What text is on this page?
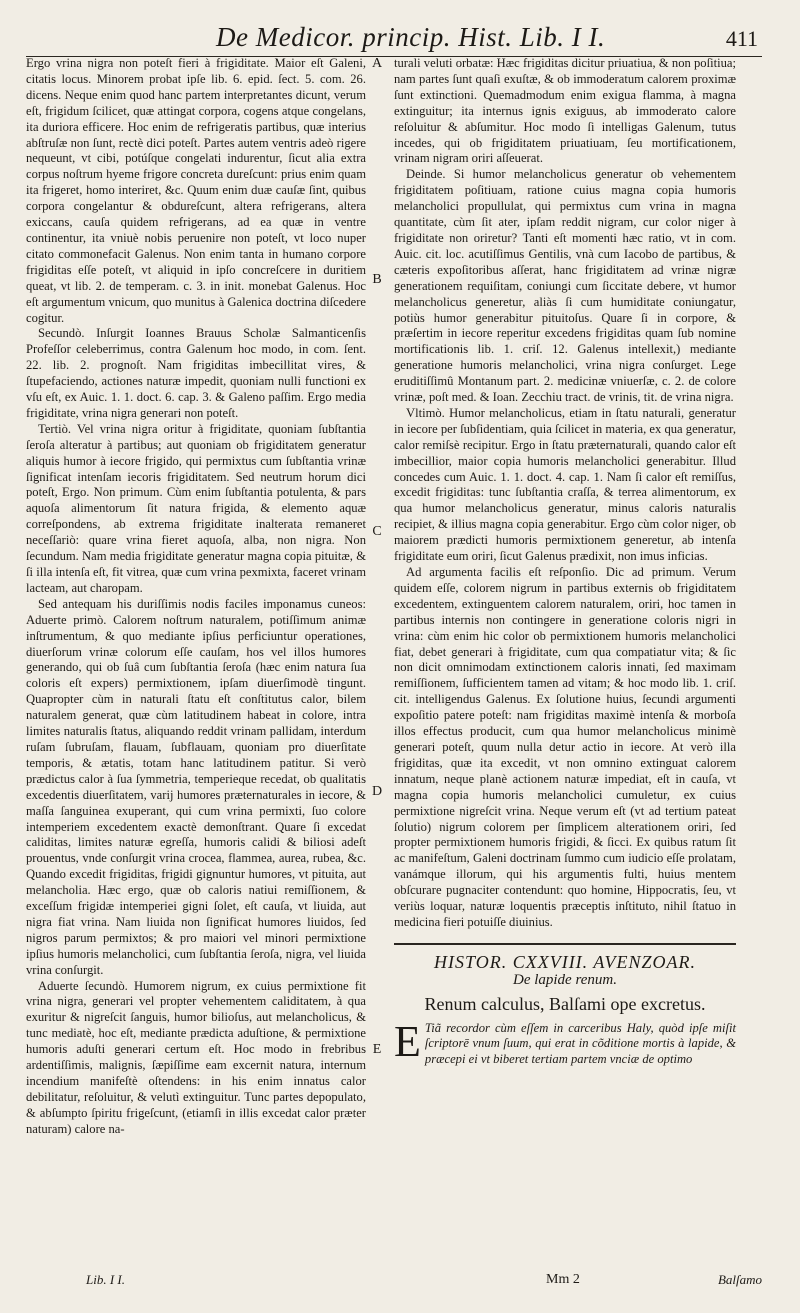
De Medicor. princip. Hist. Lib. I I.	411

Ergo vrina nigra non poteſt fieri à frigiditate. Maior eſt Galeni, citatis locus. Minorem probat ipſe lib. 6. epid. ſect. 5. com. 26. dicens. Neque enim quod hanc partem interpretantes dicunt, verum eſt, frigidum ſcilicet, quæ attingat corpora, cogens atque congelans, ita duriora efficere. Hoc enim de refrigeratis partibus, quæ interius abſtruſæ non ſunt, rectè dici poteſt. Partes autem ventris adeò rigere nequeunt, vt cibi, potúſque congelati indurentur, ſicut alia extra corpus noſtrum hyeme frigore concreta dureſcunt: prius enim quam ita frigeret, homo interiret, &c. Quum enim duæ cauſæ ſint, quibus corpora congelantur & obdureſcunt, altera refrigerans, altera exiccans, cauſa quidem refrigerans, ad ea quæ in ventre continentur, ita vniuè nobis peruenire non poteſt, vt loco nuper citato commonefacit Galenus. Non enim tanta in humano corpore frigiditas eſſe poteſt, vt aliquid in ipſo concreſcere in duritiem queat, vt lib. 2. de temperam. c. 3. in init. monebat Galenus. Hoc eſt argumentum vnicum, quo munitus à Galenica doctrina diſcedere cogitur.

Secundò. Inſurgit Ioannes Brauus Scholæ Salmanticenſis Profeſſor celeberrimus, contra Galenum hoc modo, in com. ſent. 22. lib. 2. prognoſt. Nam frigiditas imbecillitat vires, & ſtupefaciendo, actiones naturæ impedit, quoniam nulli functioni ex vſu eſt, ex Auic. 1. 1. doct. 6. cap. 3. & Galeno paſſim. Ergo media frigiditate, vrina nigra generari non poteſt.

Tertiò. Vel vrina nigra oritur à frigiditate, quoniam ſubſtantia ſeroſa alteratur à partibus; aut quoniam ob frigiditatem generatur aliquis humor à iecore frigido, qui permixtus cum ſubſtantia vrinæ ſignificat intenſam iecoris frigiditatem. Sed neutrum horum dici poteſt, Ergo. Non primum. Cùm enim ſubſtantia potulenta, & pars aquoſa alimentorum ſit natura frigida, & elemento aquæ correſpondens, ab extrema frigiditate inalterata remaneret neceſſariò: quare vrina fieret aquoſa, alba, non nigra. Non ſecundum. Nam media frigiditate generatur magna copia pituitæ, & ſi illa intenſa eſt, fit vitrea, quæ cum vrina pexmixta, faceret vrinam lacteam, aut charopam.

Sed antequam his duriſſimis nodis faciles imponamus cuneos: Aduerte primò. Calorem noſtrum naturalem, potiſſimum animæ inſtrumentum, & quo mediante ipſius perficiuntur operationes, diuerſorum vrinæ colorum eſſe cauſam, hos vel illos humores generando, qui ob ſuâ cum ſubſtantia ſeroſa (hæc enim natura ſua coloris eſt expers) permixtionem, ipſam diuerſimodè tingunt. Quapropter cùm in naturali ſtatu eſt conſtitutus calor, bilem naturalem generat, quæ cùm latitudinem habeat in colore, intra limites naturalis ſtatus, aliquando reddit vrinam pallidam, interdum ruſam ſubruſam, flauam, ſubflauam, quoniam pro diuerſitate temporis, & ætatis, totam hanc latitudinem patitur. Si verò prædictus calor à ſua ſymmetria, temperieque recedat, ob qualitatis excedentis diuerſitatem, varij humores præternaturales in iecore, & maſſa ſanguinea exuperant, qui cum vrina permixti, ſuo colore intemperiem excedentem exactè demonſtrant. Quare ſi excedat caliditas, limites naturæ egreſſa, humoris calidi & biliosi adeſt prouentus, vnde conſurgit vrina crocea, flammea, aurea, rubea, &c. Quando excedit frigiditas, frigidi gignuntur humores, vt pituita, aut melancholia. Hæc ergo, quæ ob caloris natiui remiſſionem, & exceſſum frigidæ intemperiei gigni ſolet, eſt cauſa, vt liuida, aut nigra fiat vrina. Nam liuida non ſignificat humores liuidos, ſed nigros parum permixtos; & pro maiori vel minori permixtione ipſius humoris melancholici, cum ſubſtantia ſeroſa, nigra, vel liuida vrina conſurgit.

Aduerte ſecundò. Humorem nigrum, ex cuius permixtione fit vrina nigra, generari vel propter vehementem caliditatem, à qua exuritur & nigreſcit ſanguis, humor bilioſus, aut melancholicus, & tunc mediatè, hoc eſt, mediante prædicta aduſtione, & permixtione humoris aduſti generari certum eſt. Hoc modo in frebribus ardentiſſimis, malignis, ſæpiſſime eam excernit natura, internum incendium manifeſtè oſtendens: in his enim innatus calor debilitatur, reſoluitur, & velutì extinguitur. Tunc partes depopulato, & abſumpto ſpiritu frigeſcunt, (etiamſi in illis excedat calor præter naturam) calore na-

A
B
C
D
E

turali veluti orbatæ: Hæc frigiditas dicitur priuatiua, & non poſitiua; nam partes ſunt quaſi exuſtæ, & ob immoderatum calorem proximæ ſunt extinctioni. Quemadmodum enim exigua flamma, à magna extinguitur; ita internus ignis exiguus, ab immoderato calore reſoluitur & abſumitur. Hoc modo ſi intelligas Galenum, tutus incedes, qui ob frigiditatem priuatiuam, ſeu mortificationem, vrinam nigram oriri aſſeuerat.

Deinde. Si humor melancholicus generatur ob vehementem frigiditatem poſitiuam, ratione cuius magna copia humoris melancholici propullulat, qui permixtus cum vrina in magna quantitate, cùm ſit ater, ipſam reddit nigram, cur color niger à frigiditate non oriretur? Tanti eſt momenti hæc ratio, vt in com. Auic. cit. loc. acutiſſimus Gentilis, vnà cum Iacobo de partibus, & cæteris expoſitoribus aſſerat, hanc frigiditatem ad vrinæ nigræ generationem requiſitam, coniungi cum ſiccitate debere, vt humor melancholicus generetur, aliàs ſi cum humiditate coniungatur, potiùs humor generabitur pituitoſus. Quare ſi in corpore, & præſertim in iecore reperitur excedens frigiditas quam ſub nomine mortificationis lib. 1. criſ. 12. Galenus intellexit,) mediante generatione humoris melancholici, vrina nigra conſurget. Lege eruditiſſimû Montanum part. 2. medicinæ vniuerſæ, c. 2. de colore vrinæ, poſt med. & Ioan. Zecchiu tract. de vrinis, tit. de vrina nigra.

Vltimò. Humor melancholicus, etiam in ſtatu naturali, generatur in iecore per ſubſidentiam, quia ſcilicet in materia, ex qua generatur, calor remiſsè recipitur. Ergo in ſtatu præternaturali, quando calor eſt imbecillior, maior copia humoris melancholici generabitur. Illud concedes cum Auic. 1. 1. doct. 4. cap. 1. Nam ſi calor eſt remiſſus, excedit frigiditas: tunc ſubſtantia craſſa, & terrea alimentorum, ex qua humor melancholicus generatur, minus caloris naturalis recipiet, & illius magna copia generabitur. Ergo cùm color niger, ob maiorem prædicti humoris permixtionem generetur, ab intenſa frigiditate eum oriri, ſicut Galenus prædixit, non imus inficias.

Ad argumenta facilis eſt reſponſio. Dic ad primum. Verum quidem eſſe, colorem nigrum in partibus externis ob frigiditatem excedentem, extinguentem calorem naturalem, oriri, hoc tamen in partibus internis non contingere in generatione coloris nigri in vrina: cùm enim hic color ob permixtionem humoris melancholici fiat, debet generari à frigiditate, cum qua compatiatur vita; & ſic non dicit omnimodam extinctionem caloris innati, ſed maximam remiſſionem, ſufficientem tamen ad vitam; & hoc modo lib. 1. criſ. cit. intelligendus Galenus. Ex ſolutione huius, ſecundi argumenti expoſitio patere poteſt: nam frigiditas maximè intenſa & morboſa illos effectus producit, cum qua humor melancholicus minimè generari poteſt, quum nulla detur actio in iecore. At verò illa frigiditas, quæ ita excedit, vt non omnino extinguat calorem innatum, neque planè actionem naturæ impediat, eſt in cauſa, vt magna copia humoris melancholici cumuletur, ex cuius permixtione nigreſcit vrina. Neque verum eſt (vt ad tertium pateat ſolutio) nigrum colorem per ſimplicem alterationem oriri, ſed propter permixtionem humoris frigidi, & ſicci. Ex quibus ratum ſit ac manifeſtum, Galeni doctrinam ſummo cum iudicio eſſe prolatam, vanámque illorum, qui his argumentis fulti, huius mentem obſcurare pugnaciter contendunt: quo homine, Hippocratis, ſeu, vt veriùs loquar, naturæ loquentis præceptis inſtituto, nihil ſtatuo in medicina fieri potuiſſe diuinius.

HISTOR. CXXVIII. AVENZOAR.
De lapide renum.
Renum calculus, Balſami ope excretus.

E Tiã recordor cùm eſſem in carceribus Haly, quòd ipſe miſit ſcriptorē vnum ſuum, qui erat in cõditione mortis à lapide, & præcepi ei vt biberet tertiam partem vnciæ de optimo

Lib. I I.	Mm 2	Balſamo
